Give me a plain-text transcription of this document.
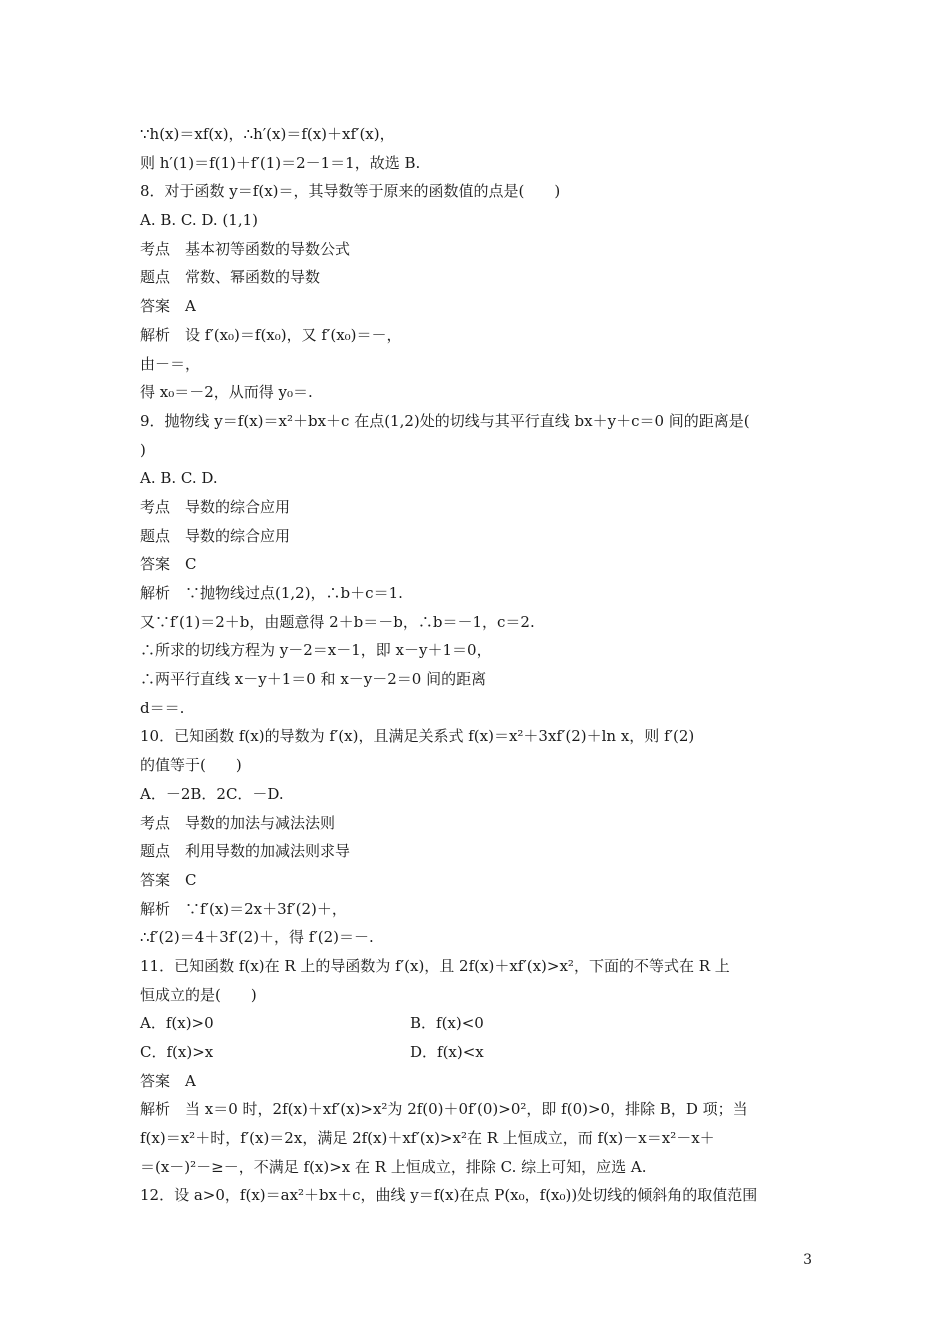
∵h(x)＝xf(x)，∴h′(x)＝f(x)＋xf′(x)，
则 h′(1)＝f(1)＋f′(1)＝2－1＝1，故选 B.
8．对于函数 y＝f(x)＝，其导数等于原来的函数值的点是(　　)
A. B. C. D. (1,1)
考点　基本初等函数的导数公式
题点　常数、幂函数的导数
答案　A
解析　设 f′(x₀)＝f(x₀)，又 f′(x₀)＝－，
由－＝，
得 x₀＝－2，从而得 y₀＝.
9．抛物线 y＝f(x)＝x²＋bx＋c 在点(1,2)处的切线与其平行直线 bx＋y＋c＝0 间的距离是(
)
A. B. C. D.
考点　导数的综合应用
题点　导数的综合应用
答案　C
解析　∵抛物线过点(1,2)，∴b＋c＝1.
又∵f′(1)＝2＋b，由题意得 2＋b＝－b，∴b＝－1，c＝2.
∴所求的切线方程为 y－2＝x－1，即 x－y＋1＝0，
∴两平行直线 x－y＋1＝0 和 x－y－2＝0 间的距离
d＝＝.
10．已知函数 f(x)的导数为 f′(x)，且满足关系式 f(x)＝x²＋3xf′(2)＋ln x，则 f′(2)
的值等于(　　)
A．－2B．2C．－D.
考点　导数的加法与减法法则
题点　利用导数的加减法则求导
答案　C
解析　∵f′(x)＝2x＋3f′(2)＋，
∴f′(2)＝4＋3f′(2)＋，得 f′(2)＝－.
11．已知函数 f(x)在 R 上的导函数为 f′(x)，且 2f(x)＋xf′(x)>x²，下面的不等式在 R 上
恒成立的是(　　)
A．f(x)>0	B．f(x)<0
C．f(x)>x	D．f(x)<x
答案　A
解析　当 x＝0 时，2f(x)＋xf′(x)>x²为 2f(0)＋0f′(0)>0²，即 f(0)>0，排除 B，D 项；当
f(x)＝x²＋时，f′(x)＝2x，满足 2f(x)＋xf′(x)>x²在 R 上恒成立，而 f(x)－x＝x²－x＋
＝(x－)²－≥－，不满足 f(x)>x 在 R 上恒成立，排除 C. 综上可知，应选 A.
12．设 a>0，f(x)＝ax²＋bx＋c，曲线 y＝f(x)在点 P(x₀，f(x₀))处切线的倾斜角的取值范围
3
